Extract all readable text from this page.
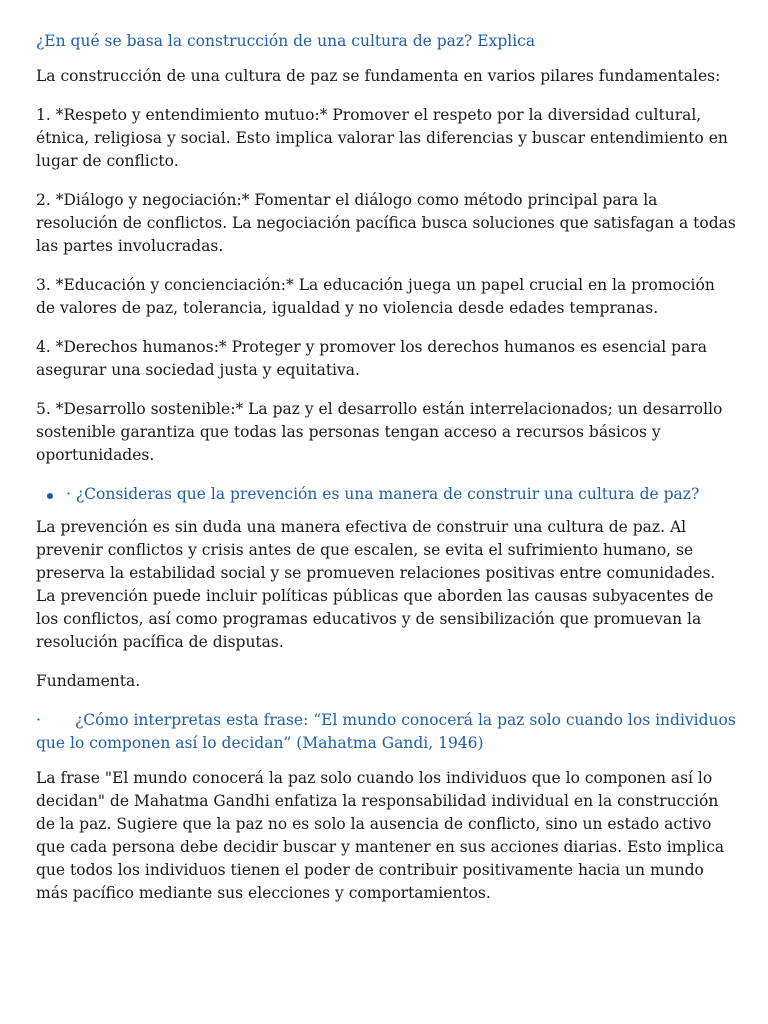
¿En qué se basa la construcción de una cultura de paz? Explica
La construcción de una cultura de paz se fundamenta en varios pilares fundamentales:
1. *Respeto y entendimiento mutuo:* Promover el respeto por la diversidad cultural, étnica, religiosa y social. Esto implica valorar las diferencias y buscar entendimiento en lugar de conflicto.
2. *Diálogo y negociación:* Fomentar el diálogo como método principal para la resolución de conflictos. La negociación pacífica busca soluciones que satisfagan a todas las partes involucradas.
3. *Educación y concienciación:* La educación juega un papel crucial en la promoción de valores de paz, tolerancia, igualdad y no violencia desde edades tempranas.
4. *Derechos humanos:* Proteger y promover los derechos humanos es esencial para asegurar una sociedad justa y equitativa.
5. *Desarrollo sostenible:* La paz y el desarrollo están interrelacionados; un desarrollo sostenible garantiza que todas las personas tengan acceso a recursos básicos y oportunidades.
· ¿Consideras que la prevención es una manera de construir una cultura de paz?
La prevención es sin duda una manera efectiva de construir una cultura de paz. Al prevenir conflictos y crisis antes de que escalen, se evita el sufrimiento humano, se preserva la estabilidad social y se promueven relaciones positivas entre comunidades. La prevención puede incluir políticas públicas que aborden las causas subyacentes de los conflictos, así como programas educativos y de sensibilización que promuevan la resolución pacífica de disputas.
Fundamenta.
· ¿Cómo interpretas esta frase: “El mundo conocerá la paz solo cuando los individuos que lo componen así lo decidan” (Mahatma Gandi, 1946)
La frase "El mundo conocerá la paz solo cuando los individuos que lo componen así lo decidan" de Mahatma Gandhi enfatiza la responsabilidad individual en la construcción de la paz. Sugiere que la paz no es solo la ausencia de conflicto, sino un estado activo que cada persona debe decidir buscar y mantener en sus acciones diarias. Esto implica que todos los individuos tienen el poder de contribuir positivamente hacia un mundo más pacífico mediante sus elecciones y comportamientos.
